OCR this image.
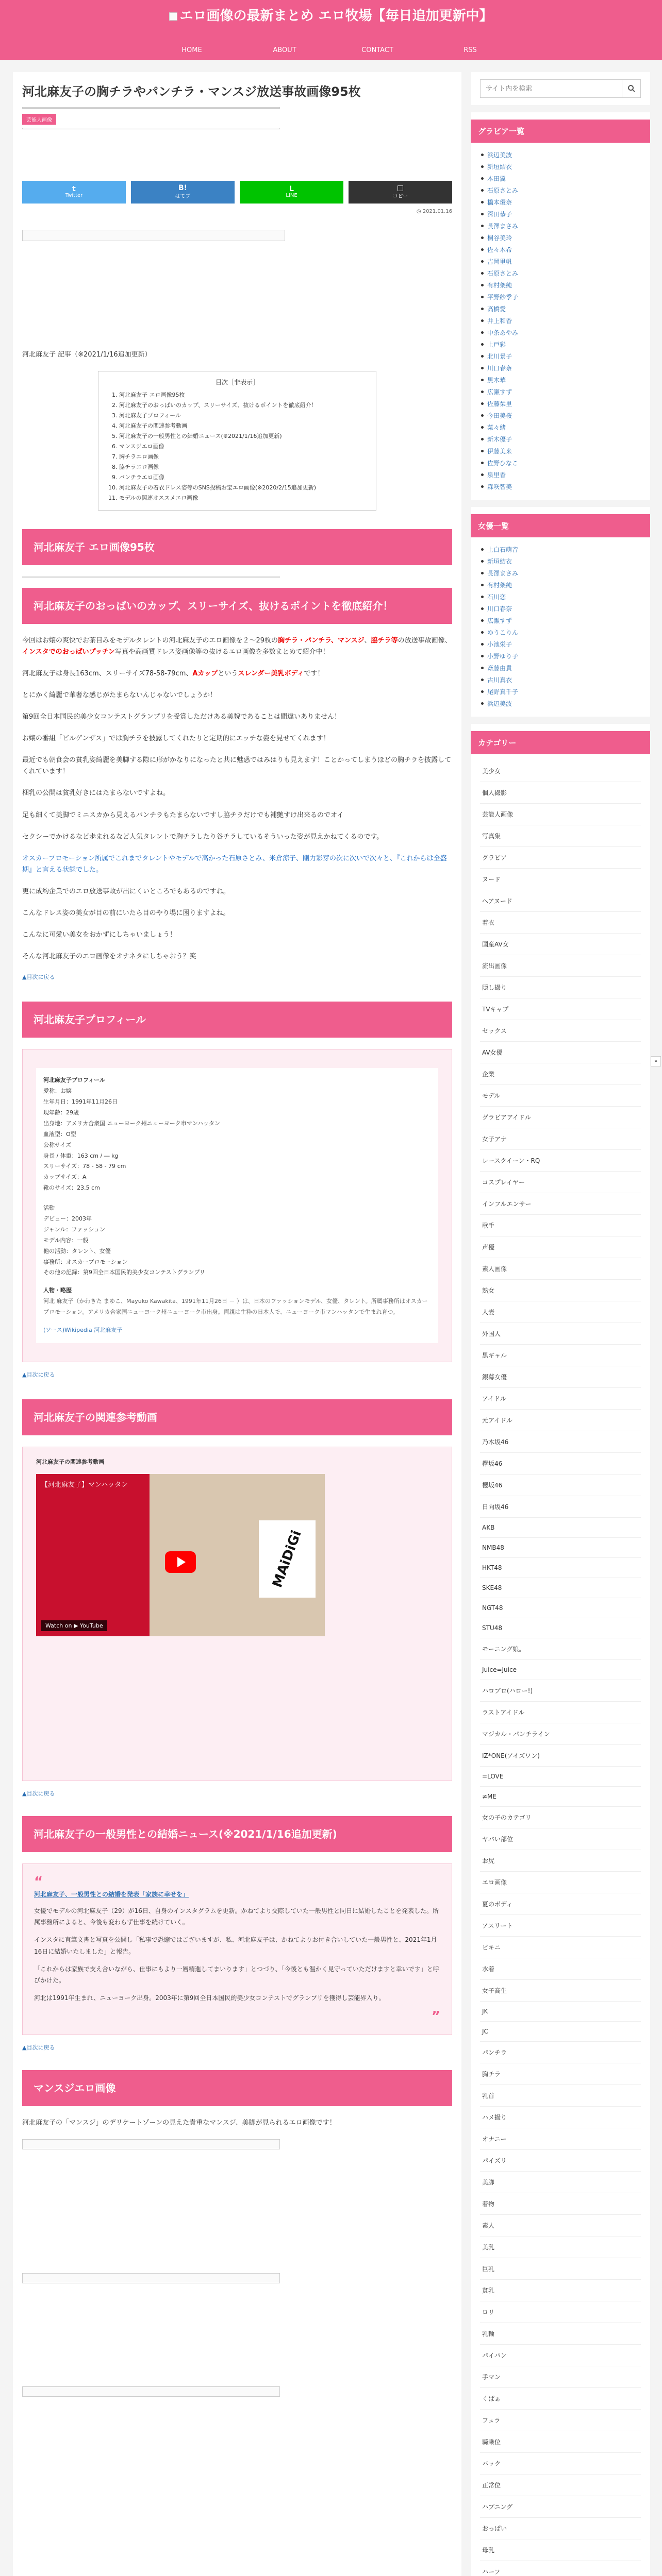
エロ画像の最新まとめ エロ牧場【毎日追加更新中】
HOME	ABOUT	CONTACT	RSS
河北麻友子の胸チラやパンチラ・マンスジ放送事故画像95枚
芸能人画像
t
Twitter
B!
はてブ
L
LINE
□
コピー
◷ 2021.01.16

河北麻友子 記事（※2021/1/16追加更新）

目次［非表示］
1. 河北麻友子 エロ画像95枚
2. 河北麻友子のおっぱいのカップ、スリーサイズ、抜けるポイントを徹底紹介！
3. 河北麻友子プロフィール
4. 河北麻友子の関連参考動画
5. 河北麻友子の一般男性との結婚ニュース(※2021/1/16追加更新)
6. マンスジエロ画像
7. 胸チラエロ画像
8. 脇チラエロ画像
9. パンチラエロ画像
10. 河北麻友子の着衣ドレス姿等のSNS投稿お宝エロ画像(※2020/2/15追加更新)
11. モデルの関連オススメエロ画像
河北麻友子 エロ画像95枚
河北麻友子のおっぱいのカップ、スリーサイズ、抜けるポイントを徹底紹介！

今回はお嬢の爽快でお茶目みをモデルタレントの河北麻友子のエロ画像を２～29枚の胸チラ・パンチラ、マンスジ、脇チラ等の放送事故画像、インスタでのおっぱいプッチン写真や高画質ドレス姿画像等の抜けるエロ画像を多数まとめて紹介中！

河北麻友子は身長163cm、スリーサイズ78-58-79cm、Aカップというスレンダー美乳ボディです！

とにかく綺麗で華奢な感じがたまらないんじゃないでしょうか！

第9回全日本国民的美少女コンテストグランプリを受賞しただけある美貌であることは間違いありません！

お嬢の番組「ビルゲンザス」では胸チラを披露してくれたりと定期的にエッチな姿を見せてくれます！

最近でも朝食会の貧乳姿綺麗を美脚する際に形がかなりになったと共に魅惑ではみはりも見えます！ことかってしまうほどの胸チラを披露してくれています！

梱乳の公開は貧乳好きにはたまらないですよね。

足も細くて美脚でミニスカから見えるパンチラもたまらないですし脇チラだけでも補艶すけ出来るのでオイ

セクシーでかけるなど歩まれるなど人気タレントで胸チラしたり谷チラしているそういった姿が見えかねてくるのです。

オスカープロモーション所属でこれまでタレントやモデルで高かった石原さとみ、米倉涼子、剛力彩芽の次に次いで次々と、『これからは全盛期』と言える状態でした。

更に成約企業でのエロ放送事故が出にくいところでもあるのですね。

こんなドレス姿の美女が目の前にいたら目のやり場に困りますよね。

こんなに可愛い美女をおかずにしちゃいましょう！

そんな河北麻友子のエロ画像をオナネタにしちゃおう？笑

▲目次に戻る
河北麻友子プロフィール
河北麻友子プロフィール
愛称：お嬢
生年月日：1991年11月26日
現年齢：29歳
出身地：アメリカ合衆国 ニューヨーク州ニューヨーク市マンハッタン
血液型：O型
公称サイズ
身長 / 体重：163 cm / ― kg
スリーサイズ：78 - 58 - 79 cm
カップサイズ：A
靴のサイズ：23.5 cm
活動
デビュー：2003年
ジャンル：ファッション
モデル内容：一般
他の活動：タレント、女優
事務所：オスカープロモーション
その他の記録：第9回全日本国民的美少女コンテストグランプリ
人物・略歴
河北 麻友子（かわきた まゆこ、Mayuko Kawakita、1991年11月26日 － ）は、日本のファッションモデル、女優、タレント。所属事務所はオスカープロモーション。アメリカ合衆国ニューヨーク州ニューヨーク市出身。両親は生粋の日本人で、ニューヨーク市マンハッタンで生まれ育つ。
(ソース)Wikipedia 河北麻友子
▲目次に戻る
河北麻友子の関連参考動画
河北麻友子の関連参考動画
【河北麻友子】マンハッタン
MAiDiGi
Watch on ▶ YouTube
▲目次に戻る
河北麻友子の一般男性との結婚ニュース(※2021/1/16追加更新)
“
河北麻友子、一般男性との結婚を発表「家族に幸せを」

女優でモデルの河北麻友子（29）が16日、自身のインスタグラムを更新。かねてより交際していた一般男性と同日に結婚したことを発表した。所属事務所によると、今後も変わらず仕事を続けていく。

インスタに直筆文書と写真を公開し「私事で恐縮ではございますが、私、河北麻友子は、かねてよりお付き合いしていた一般男性と、2021年1月16日に結婚いたしました」と報告。

「これからは家族で支え合いながら、仕事にもより一層精進してまいります」とつづり、「今後とも温かく見守っていただけますと幸いです」と呼びかけた。

河北は1991年生まれ、ニューヨーク出身。2003年に第9回全日本国民的美少女コンテストでグランプリを獲得し芸能界入り。

”
▲目次に戻る
マンスジエロ画像

河北麻友子の「マンスジ」のデリケートゾーンの見えた貴重なマンスジ、美脚が見られるエロ画像です！

サイト内を検索
グラビア一覧
浜辺美波
新垣結衣
本田翼
石原さとみ
橋本環奈
深田恭子
長澤まさみ
桐谷美玲
佐々木希
吉岡里帆
石原さとみ
有村架純
平野紗季子
高橋愛
井上和香
中条あやみ
上戸彩
北川景子
川口春奈
黒木華
広瀬すず
佐藤栞里
今田美桜
菜々緒
新木優子
伊藤美来
佐野ひなこ
泉里香
森咲智美
女優一覧
上白石萌音
新垣結衣
長澤まさみ
有村架純
石川恋
川口春奈
広瀬すず
ゆうこりん
小池栄子
小野ゆり子
斎藤由貴
古川真衣
尾野真千子
浜辺美波
カテゴリー
美少女
個人撮影
芸能人画像
写真集
グラビア
ヌード
ヘアヌード
着衣
国産AV女
流出画像
隠し撮り
TVキャプ
セックス
AV女優
企業
モデル
グラビアアイドル
女子アナ
レースクイーン・RQ
コスプレイヤー
インフルエンサー
歌手
声優
素人画像
熟女
人妻
外国人
黒ギャル
銀幕女優
アイドル
元アイドル
乃木坂46
欅坂46
櫻坂46
日向坂46
AKB
NMB48
HKT48
SKE48
NGT48
STU48
モーニング娘。
Juice=Juice
ハロプロ(ハロー!)
ラストアイドル
マジカル・パンチライン
IZ*ONE(アイズワン)
=LOVE
≠ME
女の子のカテゴリ
ヤバい部位
お尻
エロ画像
夏のボディ
アスリート
ビキニ
水着
女子高生
JK
JC
パンチラ
胸チラ
乳首
ハメ撮り
オナニー
パイズリ
美脚
着物
素人
美乳
巨乳
貧乳
ロリ
乳輪
パイパン
手マン
くぱぁ
フェラ
騎乗位
バック
正常位
ハプニング
おっぱい
母乳
ハーフ
«
